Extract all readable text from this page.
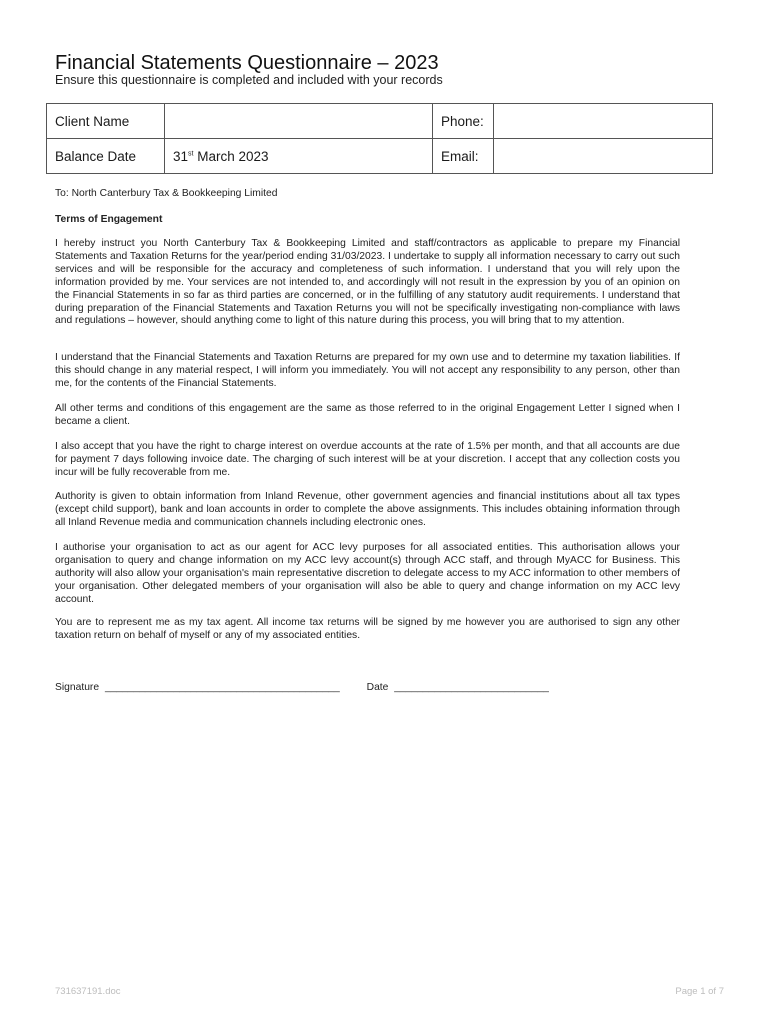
Financial Statements Questionnaire – 2023
Ensure this questionnaire is completed and included with your records
Client Name		Phone:	
Balance Date	31st March 2023	Email:	
To: North Canterbury Tax & Bookkeeping Limited
Terms of Engagement
I hereby instruct you North Canterbury Tax & Bookkeeping Limited and staff/contractors as applicable to prepare my Financial Statements and Taxation Returns for the year/period ending 31/03/2023. I undertake to supply all information necessary to carry out such services and will be responsible for the accuracy and completeness of such information. I understand that you will rely upon the information provided by me. Your services are not intended to, and accordingly will not result in the expression by you of an opinion on the Financial Statements in so far as third parties are concerned, or in the fulfilling of any statutory audit requirements. I understand that during preparation of the Financial Statements and Taxation Returns you will not be specifically investigating non-compliance with laws and regulations – however, should anything come to light of this nature during this process, you will bring that to my attention.
I understand that the Financial Statements and Taxation Returns are prepared for my own use and to determine my taxation liabilities. If this should change in any material respect, I will inform you immediately. You will not accept any responsibility to any person, other than me, for the contents of the Financial Statements.
All other terms and conditions of this engagement are the same as those referred to in the original Engagement Letter I signed when I became a client.
I also accept that you have the right to charge interest on overdue accounts at the rate of 1.5% per month, and that all accounts are due for payment 7 days following invoice date. The charging of such interest will be at your discretion. I accept that any collection costs you incur will be fully recoverable from me.
Authority is given to obtain information from Inland Revenue, other government agencies and financial institutions about all tax types (except child support), bank and loan accounts in order to complete the above assignments. This includes obtaining information through all Inland Revenue media and communication channels including electronic ones.
I authorise your organisation to act as our agent for ACC levy purposes for all associated entities. This authorisation allows your organisation to query and change information on my ACC levy account(s) through ACC staff, and through MyACC for Business. This authority will also allow your organisation's main representative discretion to delegate access to my ACC information to other members of your organisation. Other delegated members of your organisation will also be able to query and change information on my ACC levy account.
You are to represent me as my tax agent. All income tax returns will be signed by me however you are authorised to sign any other taxation return on behalf of myself or any of my associated entities.
Signature _________________________________________	Date ___________________________
731637191.doc	Page 1 of 7
